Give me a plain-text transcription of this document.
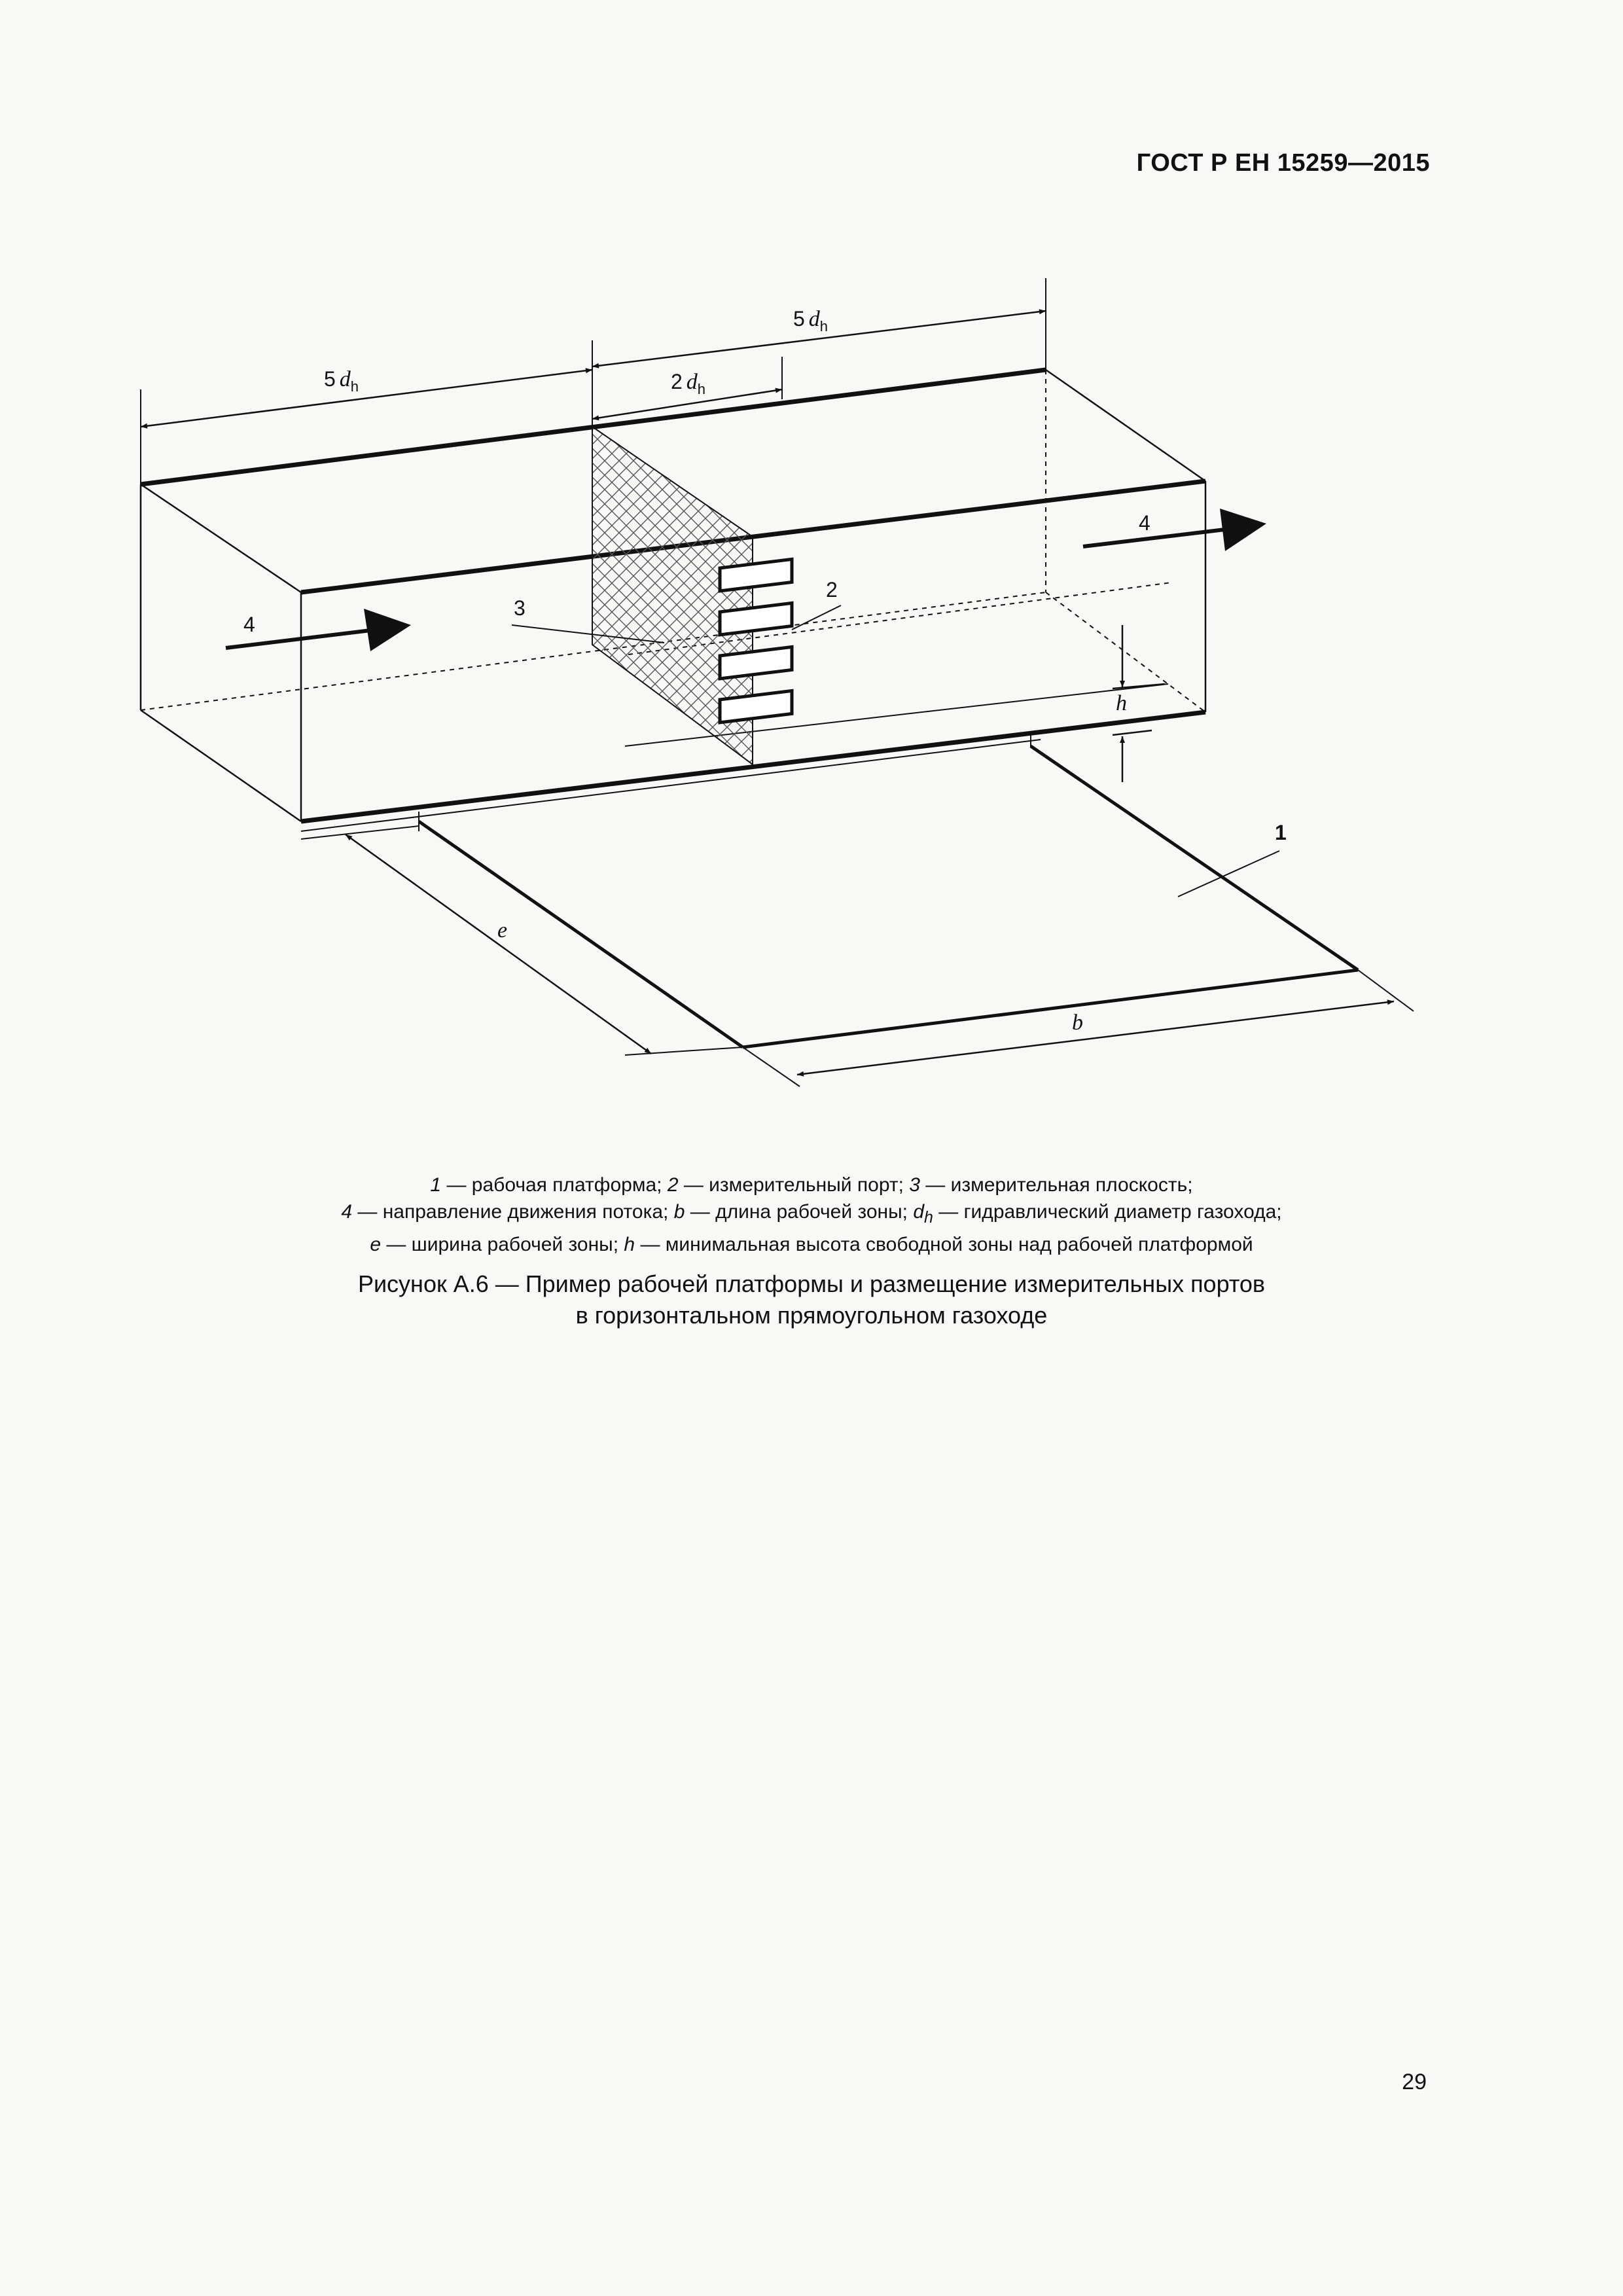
ГОСТ Р ЕН 15259—2015
5 $d_h$
5 $d_h$
2 $d_h$
4
4
3
2
h
1
e
b
1 — рабочая платформа; 2 — измерительный порт; 3 — измерительная плоскость;
4 — направление движения потока; b — длина рабочей зоны; $d_h$ — гидравлический диаметр газохода;
e — ширина рабочей зоны; h — минимальная высота свободной зоны над рабочей платформой
Рисунок А.6 — Пример рабочей платформы и размещение измерительных портов
в горизонтальном прямоугольном газоходе
29
